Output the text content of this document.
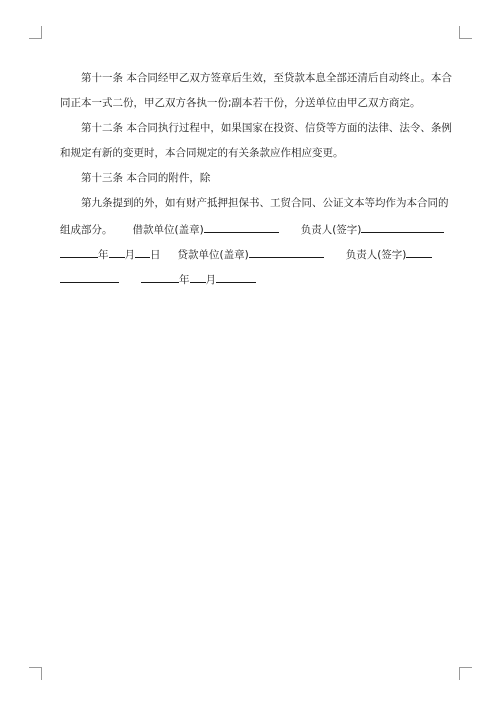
第十一条 本合同经甲乙双方签章后生效，至贷款本息全部还清后自动终止。本合
同正本一式二份，甲乙双方各执一份;副本若干份，分送单位由甲乙双方商定。
第十二条 本合同执行过程中，如果国家在投资、信贷等方面的法律、法令、条例
和规定有新的变更时，本合同规定的有关条款应作相应变更。
第十三条 本合同的附件，除
第九条提到的外，如有财产抵押担保书、工贸合同、公证文本等均作为本合同的
组成部分。 借款单位(盖章)	负责人(签字)
年 月 日 贷款单位(盖章)	负责人(签字)
年 月
